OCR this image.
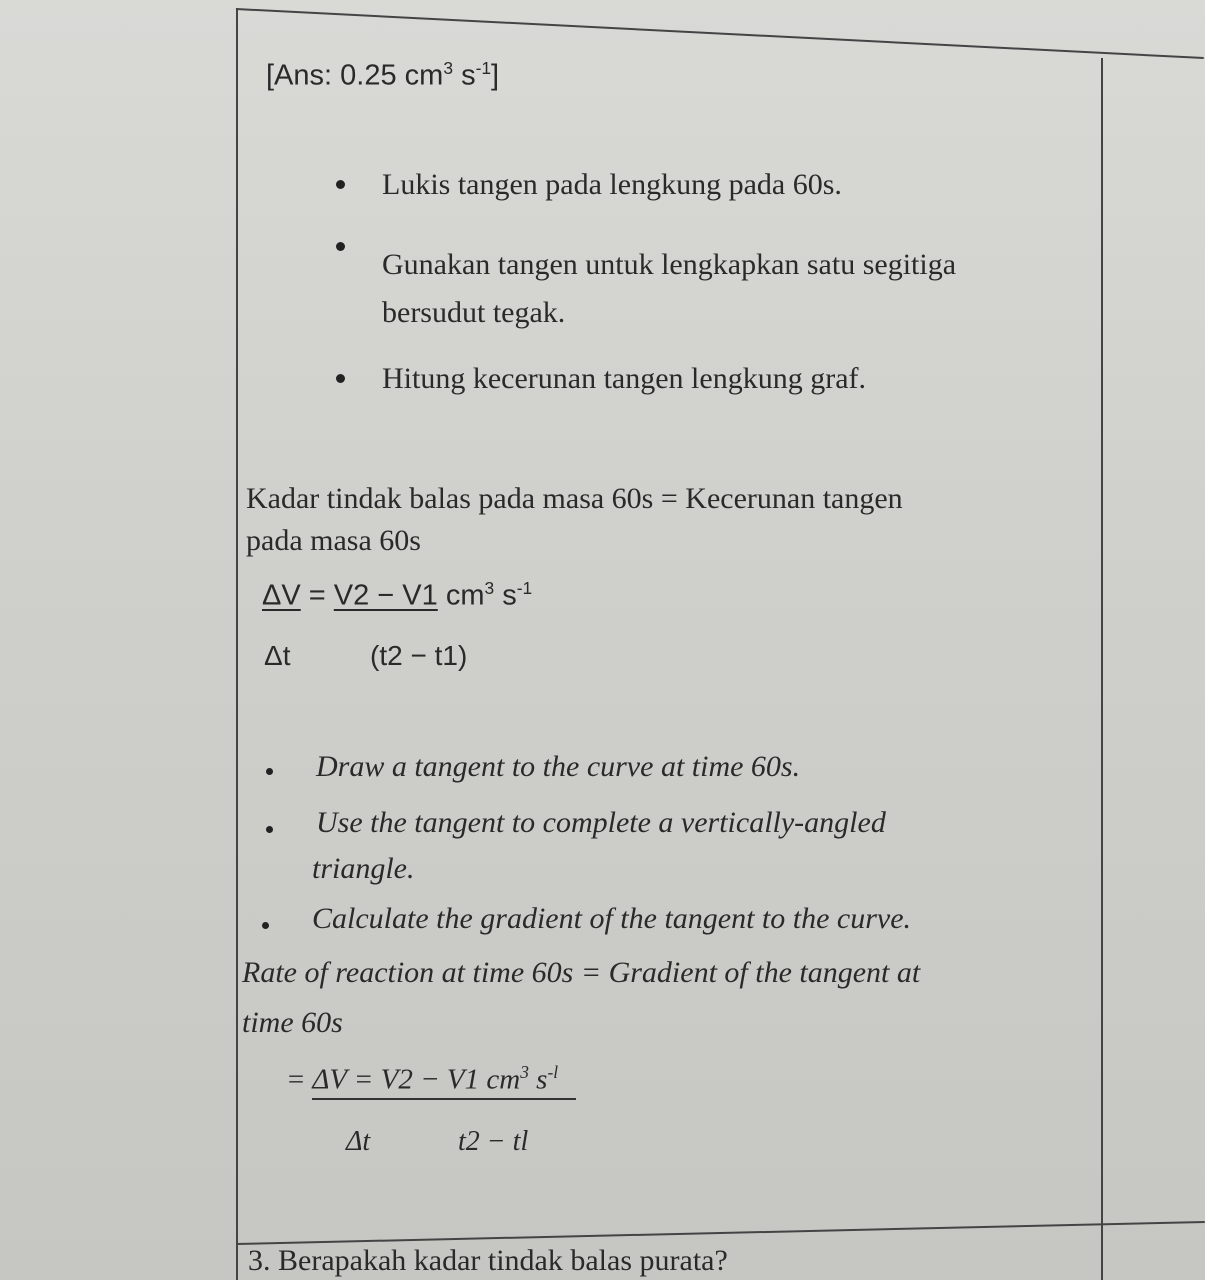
[Ans: 0.25 $cm^3$ $s^{-1}$]
Lukis tangen pada lengkung pada 60s.
Gunakan tangen untuk lengkapkan satu segitiga
bersudut tegak.
Hitung kecerunan tangen lengkung graf.
Kadar tindak balas pada masa 60s = Kecerunan tangen
pada masa 60s
ΔV = V2 − V1 $cm^3$ $s^{-1}$
Δt	(t2 − t1)
Draw a tangent to the curve at time 60s.
Use the tangent to complete a vertically-angled
triangle.
Calculate the gradient of the tangent to the curve.
Rate of reaction at time 60s = Gradient of the tangent at
time 60s
= ΔV = V2 − V1 $cm^3$ $s^{-l}$
Δt	t2 − tl
3. Berapakah kadar tindak balas purata?
